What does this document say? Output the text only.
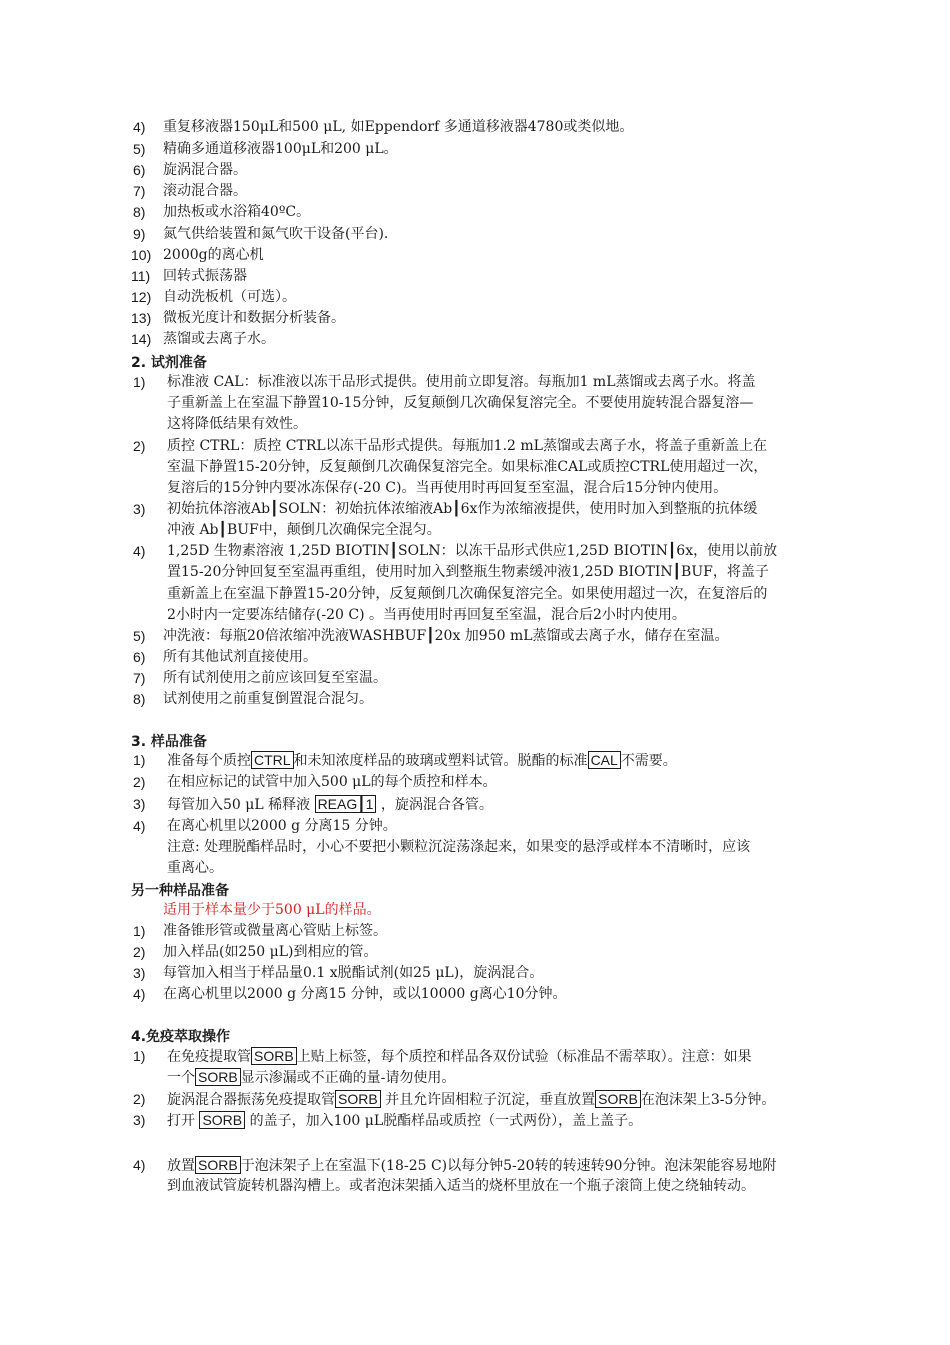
4) 重复移液器150μL和500 μL, 如Eppendorf 多通道移液器4780或类似地。
5) 精确多通道移液器100μL和200 μL。
6) 旋涡混合器。
7) 滚动混合器。
8) 加热板或水浴箱40ºC。
9) 氮气供给装置和氮气吹干设备(平台).
10) 2000g的离心机
11) 回转式振荡器
12) 自动洗板机（可选）。
13) 微板光度计和数据分析装备。
14) 蒸馏或去离子水。
2. 试剂准备
1) 标准液 CAL：标准液以冻干品形式提供。使用前立即复溶。每瓶加1 mL蒸馏或去离子水。将盖
子重新盖上在室温下静置10-15分钟，反复颠倒几次确保复溶完全。不要使用旋转混合器复溶—
这将降低结果有效性。
2) 质控 CTRL：质控 CTRL以冻干品形式提供。每瓶加1.2 mL蒸馏或去离子水，将盖子重新盖上在
室温下静置15-20分钟，反复颠倒几次确保复溶完全。如果标准CAL或质控CTRL使用超过一次，
复溶后的15分钟内要冰冻保存(-20 C)。当再使用时再回复至室温，混合后15分钟内使用。
3) 初始抗体溶液Ab┃SOLN：初始抗体浓缩液Ab┃6x作为浓缩液提供，使用时加入到整瓶的抗体缓
冲液 Ab┃BUF中，颠倒几次确保完全混匀。
4) 1,25D 生物素溶液 1,25D BIOTIN┃SOLN：以冻干品形式供应1,25D BIOTIN┃6x，使用以前放
置15-20分钟回复至室温再重组，使用时加入到整瓶生物素缓冲液1,25D BIOTIN┃BUF，将盖子
重新盖上在室温下静置15-20分钟，反复颠倒几次确保复溶完全。如果使用超过一次，在复溶后的
2小时内一定要冻结储存(-20 C) 。当再使用时再回复至室温，混合后2小时内使用。
5) 冲洗液：每瓶20倍浓缩冲洗液WASHBUF┃20x 加950 mL蒸馏或去离子水，储存在室温。
6) 所有其他试剂直接使用。
7) 所有试剂使用之前应该回复至室温。
8) 试剂使用之前重复倒置混合混匀。
3. 样品准备
1) 准备每个质控 CTRL 和未知浓度样品的玻璃或塑料试管。脱酯的标准 CAL 不需要。
2) 在相应标记的试管中加入500 μL的每个质控和样本。
3) 每管加入50 μL 稀释液 REAG┃1 ，旋涡混合各管。
4) 在离心机里以2000 g 分离15 分钟。
注意: 处理脱酯样品时，小心不要把小颗粒沉淀荡涤起来，如果变的悬浮或样本不清晰时，应该
重离心。
另一种样品准备
适用于样本量少于500 μL的样品。
1) 准备锥形管或微量离心管贴上标签。
2) 加入样品(如250 μL)到相应的管。
3) 每管加入相当于样品量0.1 x脱酯试剂(如25 μL)，旋涡混合。
4) 在离心机里以2000 g 分离15 分钟，或以10000 g离心10分钟。
4.免疫萃取操作
1) 在免疫提取管 SORB 上贴上标签，每个质控和样品各双份试验（标准品不需萃取）。注意：如果
一个 SORB 显示渗漏或不正确的量-请勿使用。
2) 旋涡混合器振荡免疫提取管 SORB 并且允许固相粒子沉淀，垂直放置 SORB 在泡沫架上3-5分钟。
3) 打开 SORB 的盖子，加入100 μL脱酯样品或质控（一式两份），盖上盖子。
4) 放置 SORB 于泡沫架子上在室温下(18-25 C)以每分钟5-20转的转速转90分钟。泡沫架能容易地附
到血液试管旋转机器沟槽上。或者泡沫架插入适当的烧杯里放在一个瓶子滚筒上使之绕轴转动。
